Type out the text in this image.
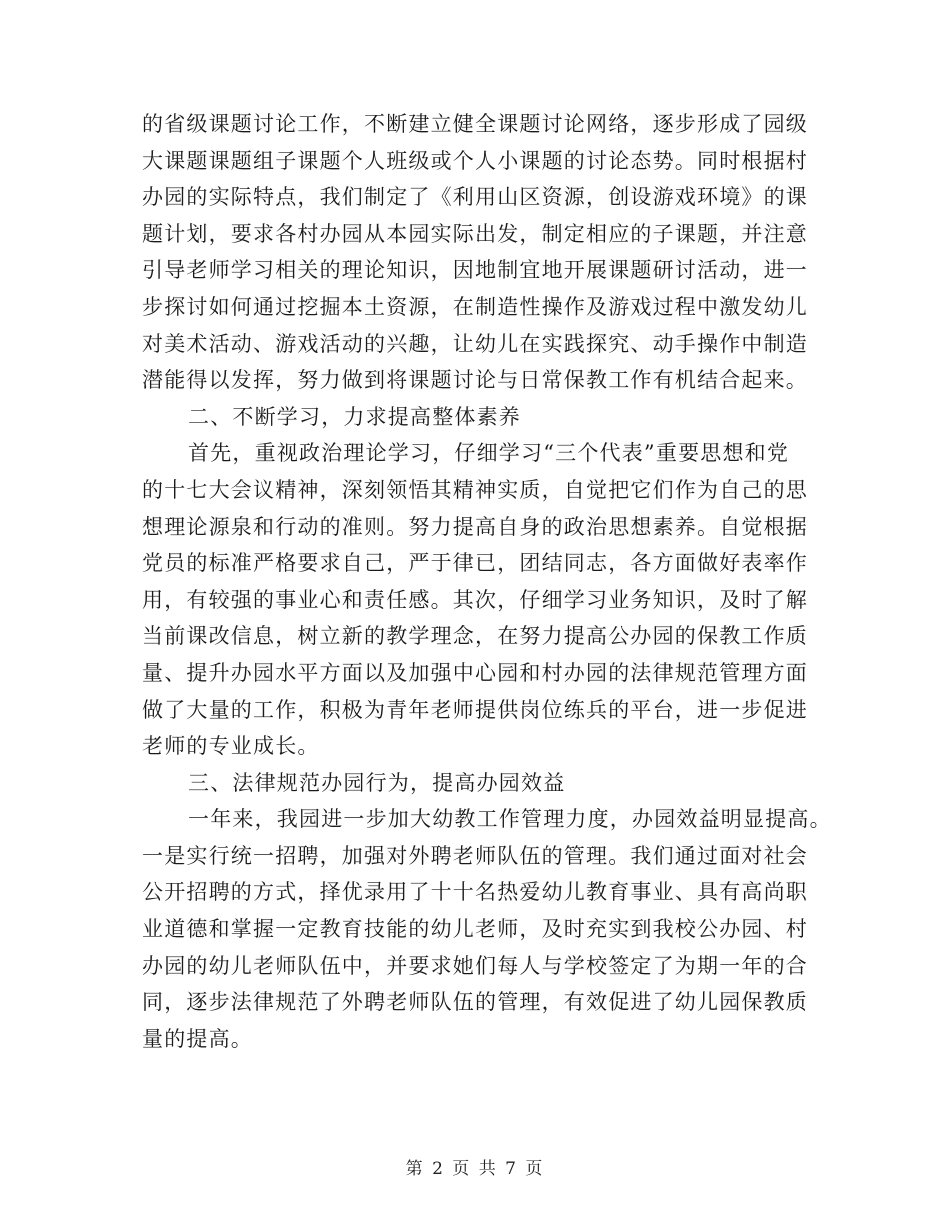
的省级课题讨论工作，不断建立健全课题讨论网络，逐步形成了园级
大课题课题组子课题个人班级或个人小课题的讨论态势。同时根据村
办园的实际特点，我们制定了《利用山区资源，创设游戏环境》的课
题计划，要求各村办园从本园实际出发，制定相应的子课题，并注意
引导老师学习相关的理论知识，因地制宜地开展课题研讨活动，进一
步探讨如何通过挖掘本土资源，在制造性操作及游戏过程中激发幼儿
对美术活动、游戏活动的兴趣，让幼儿在实践探究、动手操作中制造
潜能得以发挥，努力做到将课题讨论与日常保教工作有机结合起来。
二、不断学习，力求提高整体素养
首先，重视政治理论学习，仔细学习“三个代表”重要思想和党
的十七大会议精神，深刻领悟其精神实质，自觉把它们作为自己的思
想理论源泉和行动的准则。努力提高自身的政治思想素养。自觉根据
党员的标准严格要求自己，严于律已，团结同志，各方面做好表率作
用，有较强的事业心和责任感。其次，仔细学习业务知识，及时了解
当前课改信息，树立新的教学理念，在努力提高公办园的保教工作质
量、提升办园水平方面以及加强中心园和村办园的法律规范管理方面
做了大量的工作，积极为青年老师提供岗位练兵的平台，进一步促进
老师的专业成长。
三、法律规范办园行为，提高办园效益
一年来，我园进一步加大幼教工作管理力度，办园效益明显提高。
一是实行统一招聘，加强对外聘老师队伍的管理。我们通过面对社会
公开招聘的方式，择优录用了十十名热爱幼儿教育事业、具有高尚职
业道德和掌握一定教育技能的幼儿老师，及时充实到我校公办园、村
办园的幼儿老师队伍中，并要求她们每人与学校签定了为期一年的合
同，逐步法律规范了外聘老师队伍的管理，有效促进了幼儿园保教质
量的提高。
第 2 页 共 7 页
